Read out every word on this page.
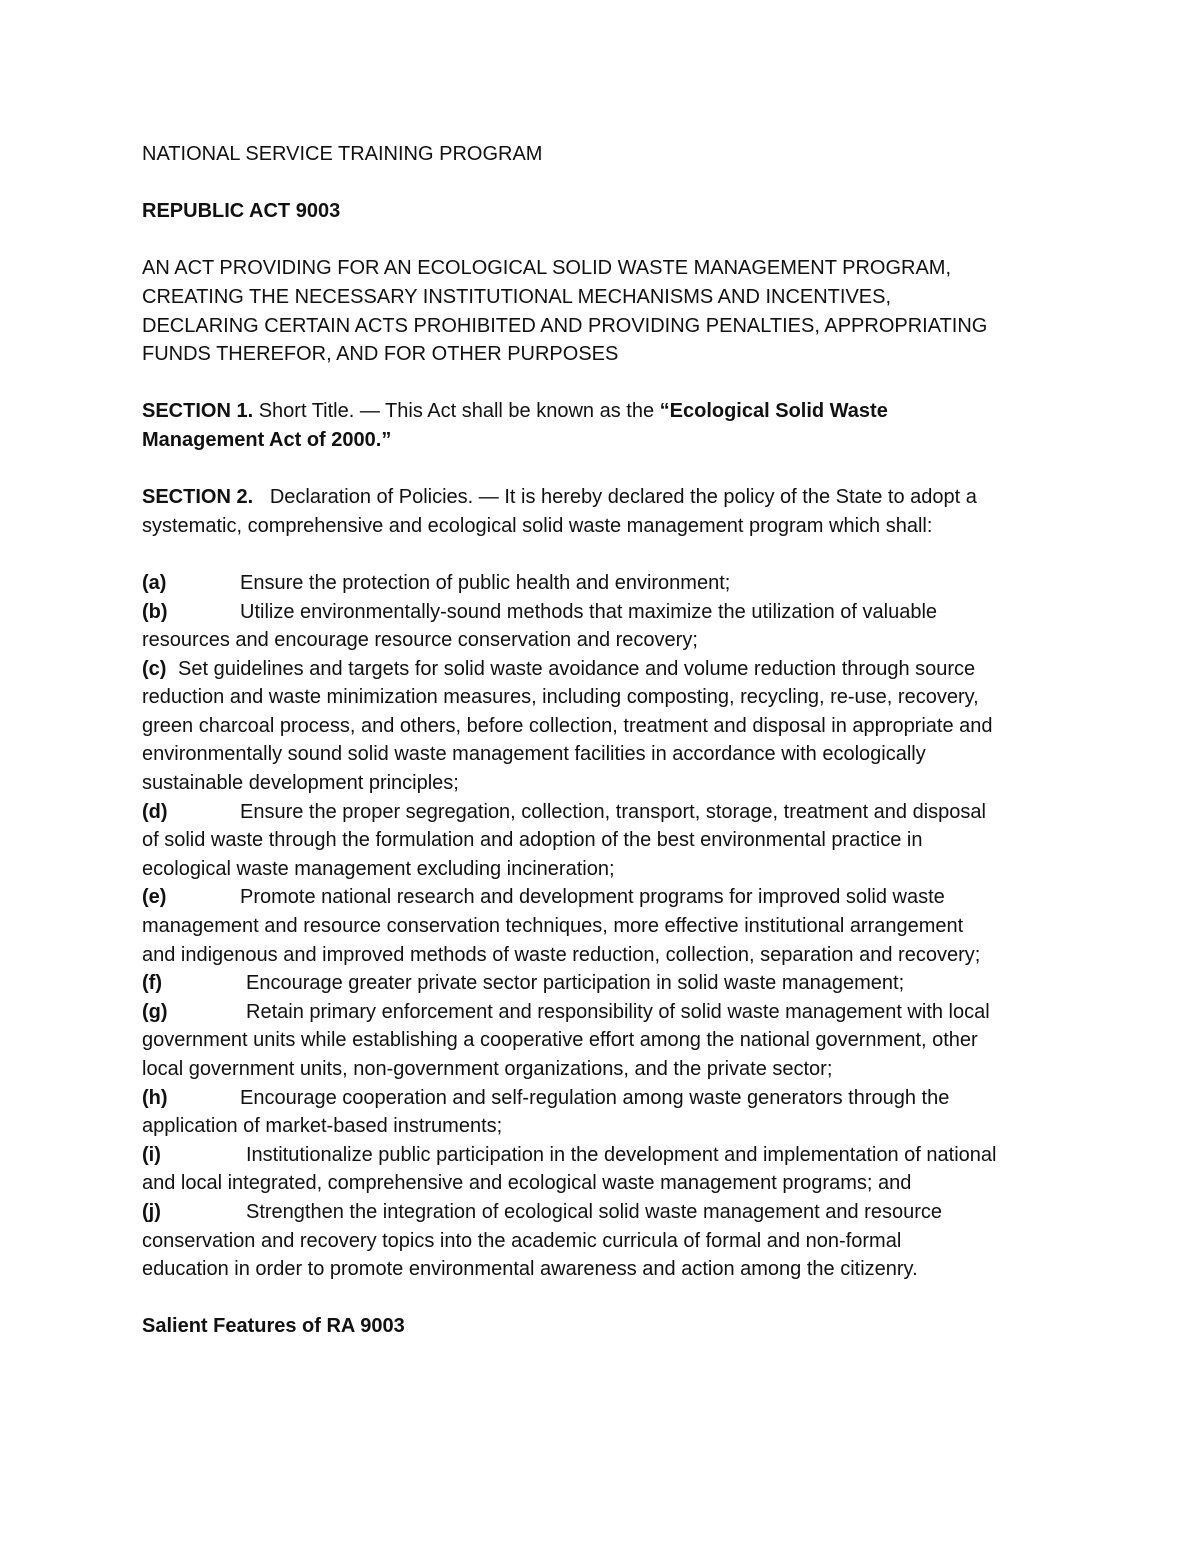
NATIONAL SERVICE TRAINING PROGRAM

REPUBLIC ACT 9003

AN ACT PROVIDING FOR AN ECOLOGICAL SOLID WASTE MANAGEMENT PROGRAM,
CREATING THE NECESSARY INSTITUTIONAL MECHANISMS AND INCENTIVES,
DECLARING CERTAIN ACTS PROHIBITED AND PROVIDING PENALTIES, APPROPRIATING
FUNDS THEREFOR, AND FOR OTHER PURPOSES
SECTION 1. Short Title. — This Act shall be known as the “Ecological Solid Waste
Management Act of 2000.”
SECTION 2. Declaration of Policies. — It is hereby declared the policy of the State to adopt a
systematic, comprehensive and ecological solid waste management program which shall:
(a)	Ensure the protection of public health and environment;
(b)	Utilize environmentally-sound methods that maximize the utilization of valuable
resources and encourage resource conservation and recovery;
(c) Set guidelines and targets for solid waste avoidance and volume reduction through source
reduction and waste minimization measures, including composting, recycling, re-use, recovery,
green charcoal process, and others, before collection, treatment and disposal in appropriate and
environmentally sound solid waste management facilities in accordance with ecologically
sustainable development principles;
(d)	Ensure the proper segregation, collection, transport, storage, treatment and disposal
of solid waste through the formulation and adoption of the best environmental practice in
ecological waste management excluding incineration;
(e)	Promote national research and development programs for improved solid waste
management and resource conservation techniques, more effective institutional arrangement
and indigenous and improved methods of waste reduction, collection, separation and recovery;
(f)	Encourage greater private sector participation in solid waste management;
(g)	Retain primary enforcement and responsibility of solid waste management with local
government units while establishing a cooperative effort among the national government, other
local government units, non-government organizations, and the private sector;
(h)	Encourage cooperation and self-regulation among waste generators through the
application of market-based instruments;
(i)	Institutionalize public participation in the development and implementation of national
and local integrated, comprehensive and ecological waste management programs; and
(j)	Strengthen the integration of ecological solid waste management and resource
conservation and recovery topics into the academic curricula of formal and non-formal
education in order to promote environmental awareness and action among the citizenry.

Salient Features of RA 9003
